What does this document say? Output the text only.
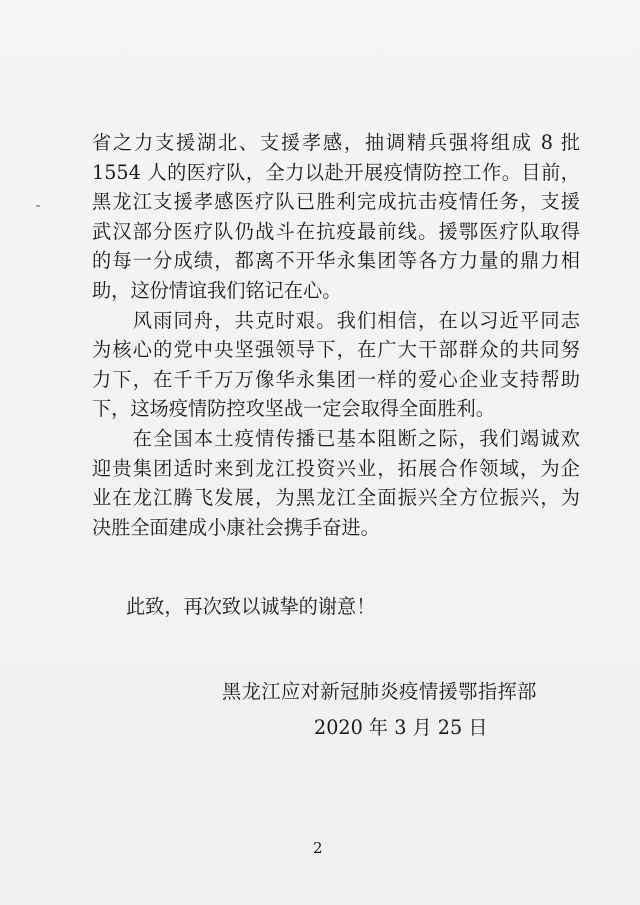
省之力支援湖北、支援孝感，抽调精兵强将组成 8 批
1554 人的医疗队，全力以赴开展疫情防控工作。目前，
黑龙江支援孝感医疗队已胜利完成抗击疫情任务，支援
武汉部分医疗队仍战斗在抗疫最前线。援鄂医疗队取得
的每一分成绩，都离不开华永集团等各方力量的鼎力相
助，这份情谊我们铭记在心。
　　风雨同舟，共克时艰。我们相信，在以习近平同志
为核心的党中央坚强领导下，在广大干部群众的共同努
力下，在千千万万像华永集团一样的爱心企业支持帮助
下，这场疫情防控攻坚战一定会取得全面胜利。
　　在全国本土疫情传播已基本阻断之际，我们竭诚欢
迎贵集团适时来到龙江投资兴业，拓展合作领域，为企
业在龙江腾飞发展，为黑龙江全面振兴全方位振兴，为
决胜全面建成小康社会携手奋进。
此致，再次致以诚挚的谢意！
黑龙江应对新冠肺炎疫情援鄂指挥部
2020 年 3 月 25 日
2
